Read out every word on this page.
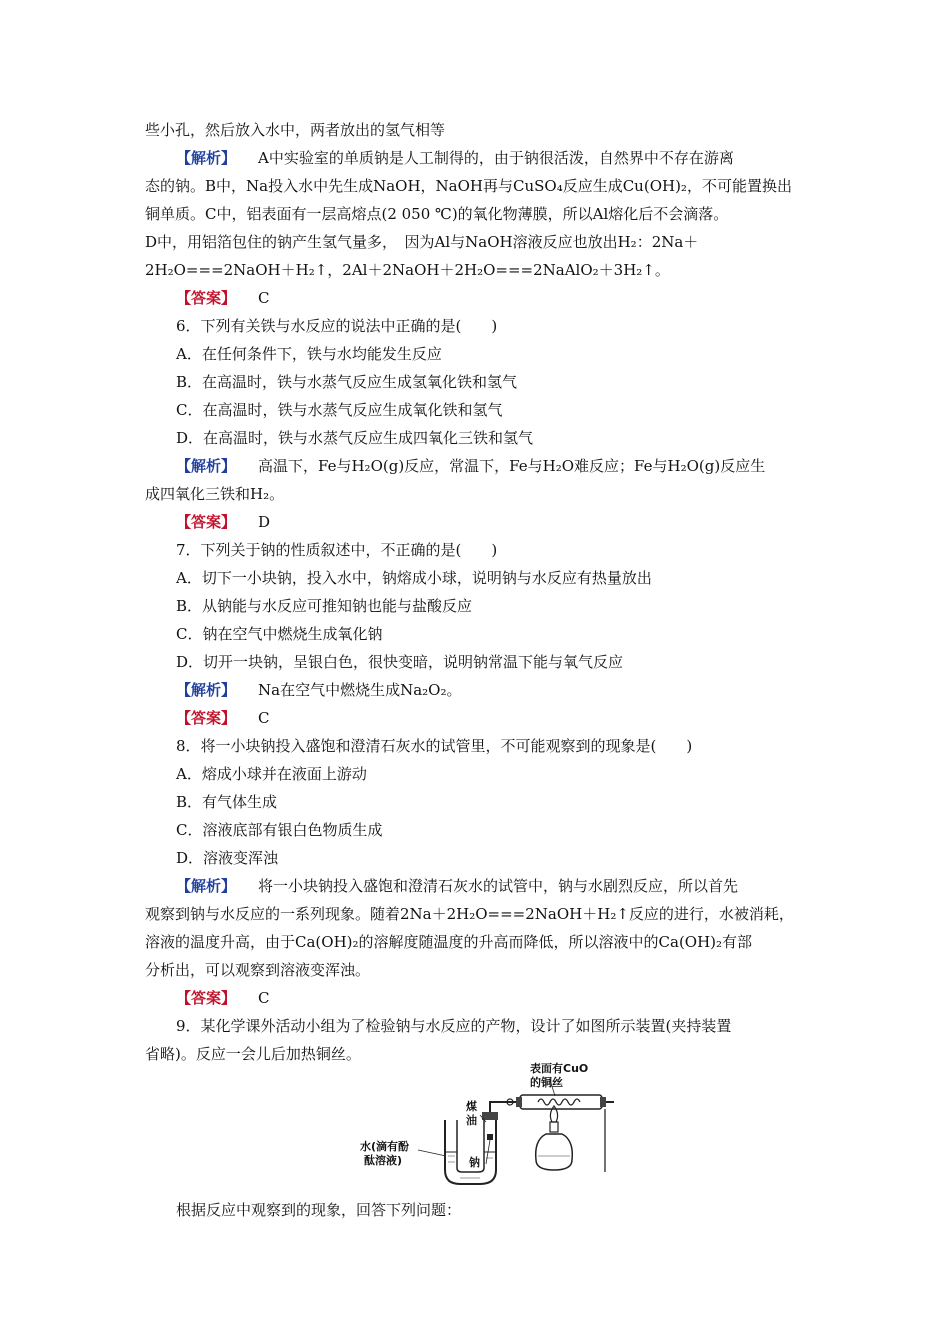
些小孔，然后放入水中，两者放出的氢气相等
【解析】 A中实验室的单质钠是人工制得的，由于钠很活泼，自然界中不存在游离
态的钠。B中，Na投入水中先生成NaOH，NaOH再与CuSO₄反应生成Cu(OH)₂，不可能置换出
铜单质。C中，铝表面有一层高熔点(2 050 ℃)的氧化物薄膜，所以Al熔化后不会滴落。
D中，用铝箔包住的钠产生氢气量多，　因为Al与NaOH溶液反应也放出H₂：2Na＋
2H₂O===2NaOH＋H₂↑，2Al＋2NaOH＋2H₂O===2NaAlO₂＋3H₂↑。
【答案】 C
6．下列有关铁与水反应的说法中正确的是(　　)
A．在任何条件下，铁与水均能发生反应
B．在高温时，铁与水蒸气反应生成氢氧化铁和氢气
C．在高温时，铁与水蒸气反应生成氧化铁和氢气
D．在高温时，铁与水蒸气反应生成四氧化三铁和氢气
【解析】 高温下，Fe与H₂O(g)反应，常温下，Fe与H₂O难反应；Fe与H₂O(g)反应生
成四氧化三铁和H₂。
【答案】 D
7．下列关于钠的性质叙述中，不正确的是(　　)
A．切下一小块钠，投入水中，钠熔成小球，说明钠与水反应有热量放出
B．从钠能与水反应可推知钠也能与盐酸反应
C．钠在空气中燃烧生成氧化钠
D．切开一块钠，呈银白色，很快变暗，说明钠常温下能与氧气反应
【解析】 Na在空气中燃烧生成Na₂O₂。
【答案】 C
8．将一小块钠投入盛饱和澄清石灰水的试管里，不可能观察到的现象是(　　)
A．熔成小球并在液面上游动
B．有气体生成
C．溶液底部有银白色物质生成
D．溶液变浑浊
【解析】 将一小块钠投入盛饱和澄清石灰水的试管中，钠与水剧烈反应，所以首先
观察到钠与水反应的一系列现象。随着2Na＋2H₂O===2NaOH＋H₂↑反应的进行，水被消耗，
溶液的温度升高，由于Ca(OH)₂的溶解度随温度的升高而降低，所以溶液中的Ca(OH)₂有部
分析出，可以观察到溶液变浑浊。
【答案】 C
9．某化学课外活动小组为了检验钠与水反应的产物，设计了如图所示装置(夹持装置
省略)。反应一会儿后加热铜丝。
表面有CuO
的铜丝
煤
油
钠
水(滴有酚
酞溶液)
根据反应中观察到的现象，回答下列问题：
